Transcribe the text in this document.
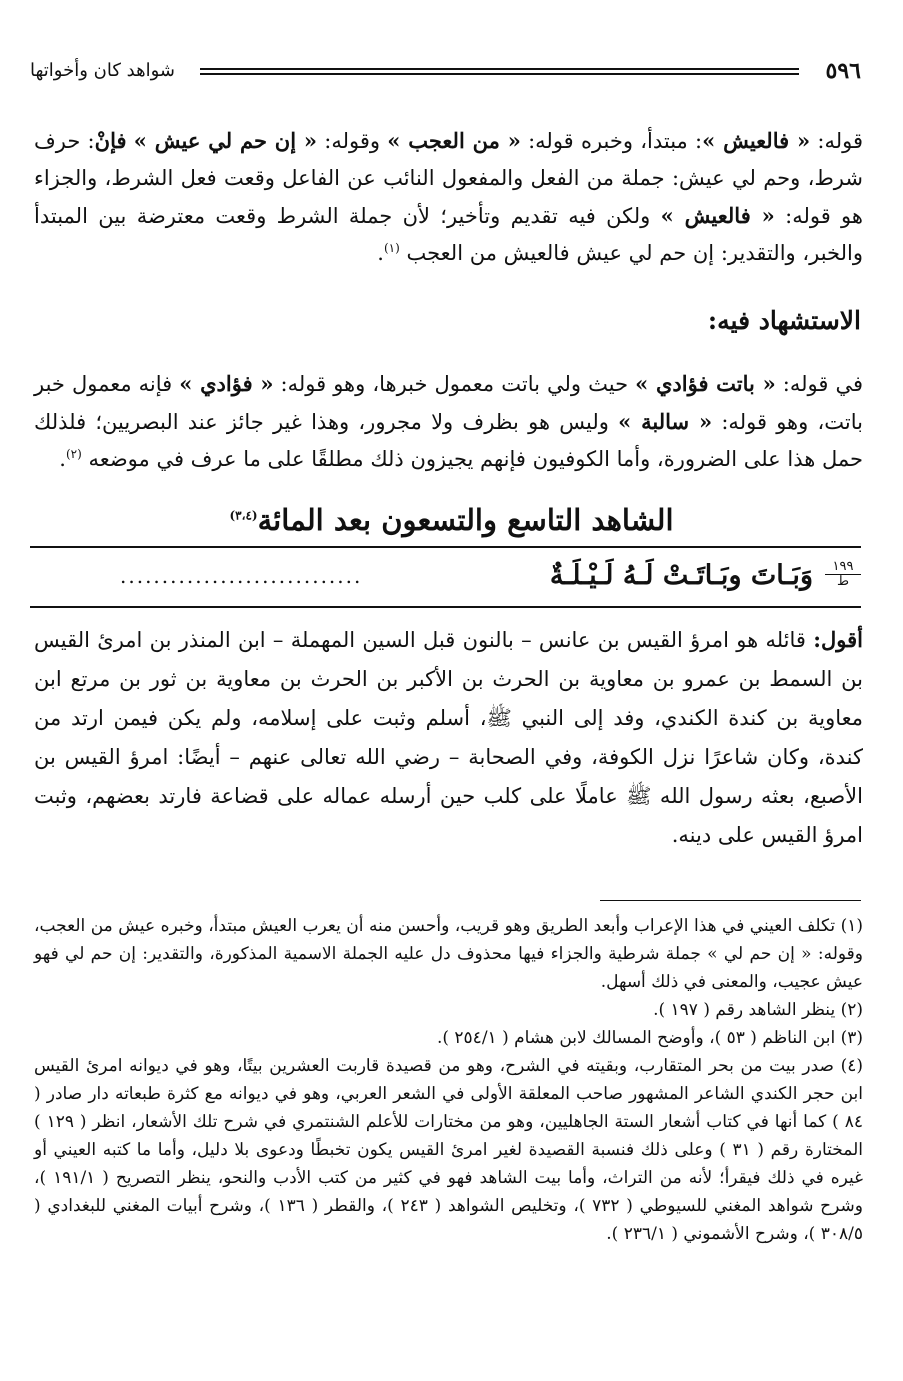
٥٩٦
شواهد كان وأخواتها
قوله: « فالعيش »: مبتدأ، وخبره قوله: « من العجب » وقوله: « إن حم لي عيش » فإنْ: حرف شرط، وحم لي عيش: جملة من الفعل والمفعول النائب عن الفاعل وقعت فعل الشرط، والجزاء هو قوله: « فالعيش » ولكن فيه تقديم وتأخير؛ لأن جملة الشرط وقعت معترضة بين المبتدأ والخبر، والتقدير: إن حم لي عيش فالعيش من العجب $^{(١)}$.
الاستشهاد فيه:
في قوله: « باتت فؤادي » حيث ولي باتت معمول خبرها، وهو قوله: « فؤادي » فإنه معمول خبر باتت، وهو قوله: « سالبة » وليس هو بظرف ولا مجرور، وهذا غير جائز عند البصريين؛ فلذلك حمل هذا على الضرورة، وأما الكوفيون فإنهم يجيزون ذلك مطلقًا على ما عرف في موضعه $^{(٢)}$.
الشاهد التاسع والتسعون بعد المائة$^{(٣،٤)}$
١٩٩
ط
وَبَـاتَ وبَـاتَـتْ لَـهُ لَـيْـلَـةٌ
.............................
أقول: قائله هو امرؤ القيس بن عانس – بالنون قبل السين المهملة – ابن المنذر بن امرئ القيس بن السمط بن عمرو بن معاوية بن الحرث بن الأكبر بن الحرث بن معاوية بن ثور بن مرتع ابن معاوية بن كندة الكندي، وفد إلى النبي ﷺ، أسلم وثبت على إسلامه، ولم يكن فيمن ارتد من كندة، وكان شاعرًا نزل الكوفة، وفي الصحابة – رضي الله تعالى عنهم – أيضًا: امرؤ القيس بن الأصبع، بعثه رسول الله ﷺ عاملًا على كلب حين أرسله عماله على قضاعة فارتد بعضهم، وثبت امرؤ القيس على دينه.

(١) تكلف العيني في هذا الإعراب وأبعد الطريق وهو قريب، وأحسن منه أن يعرب العيش مبتدأ، وخبره عيش من العجب، وقوله: « إن حم لي » جملة شرطية والجزاء فيها محذوف دل عليه الجملة الاسمية المذكورة، والتقدير: إن حم لي فهو عيش عجيب، والمعنى في ذلك أسهل.

(٢) ينظر الشاهد رقم ( ١٩٧ ).

(٣) ابن الناظم ( ٥٣ )، وأوضح المسالك لابن هشام ( ٢٥٤/١ ).

(٤) صدر بيت من بحر المتقارب، وبقيته في الشرح، وهو من قصيدة قاربت العشرين بيتًا، وهو في ديوانه امرئ القيس ابن حجر الكندي الشاعر المشهور صاحب المعلقة الأولى في الشعر العربي، وهو في ديوانه مع كثرة طبعاته دار صادر ( ٨٤ ) كما أنها في كتاب أشعار الستة الجاهليين، وهو من مختارات للأعلم الشنتمري في شرح تلك الأشعار، انظر ( ١٢٩ ) المختارة رقم ( ٣١ ) وعلى ذلك فنسبة القصيدة لغير امرئ القيس يكون تخبطًا ودعوى بلا دليل، وأما ما كتبه العيني أو غيره في ذلك فيقرأ؛ لأنه من التراث، وأما بيت الشاهد فهو في كثير من كتب الأدب والنحو، ينظر التصريح ( ١٩١/١ )، وشرح شواهد المغني للسيوطي ( ٧٣٢ )، وتخليص الشواهد ( ٢٤٣ )، والقطر ( ١٣٦ )، وشرح أبيات المغني للبغدادي ( ٣٠٨/٥ )، وشرح الأشموني ( ٢٣٦/١ ).
